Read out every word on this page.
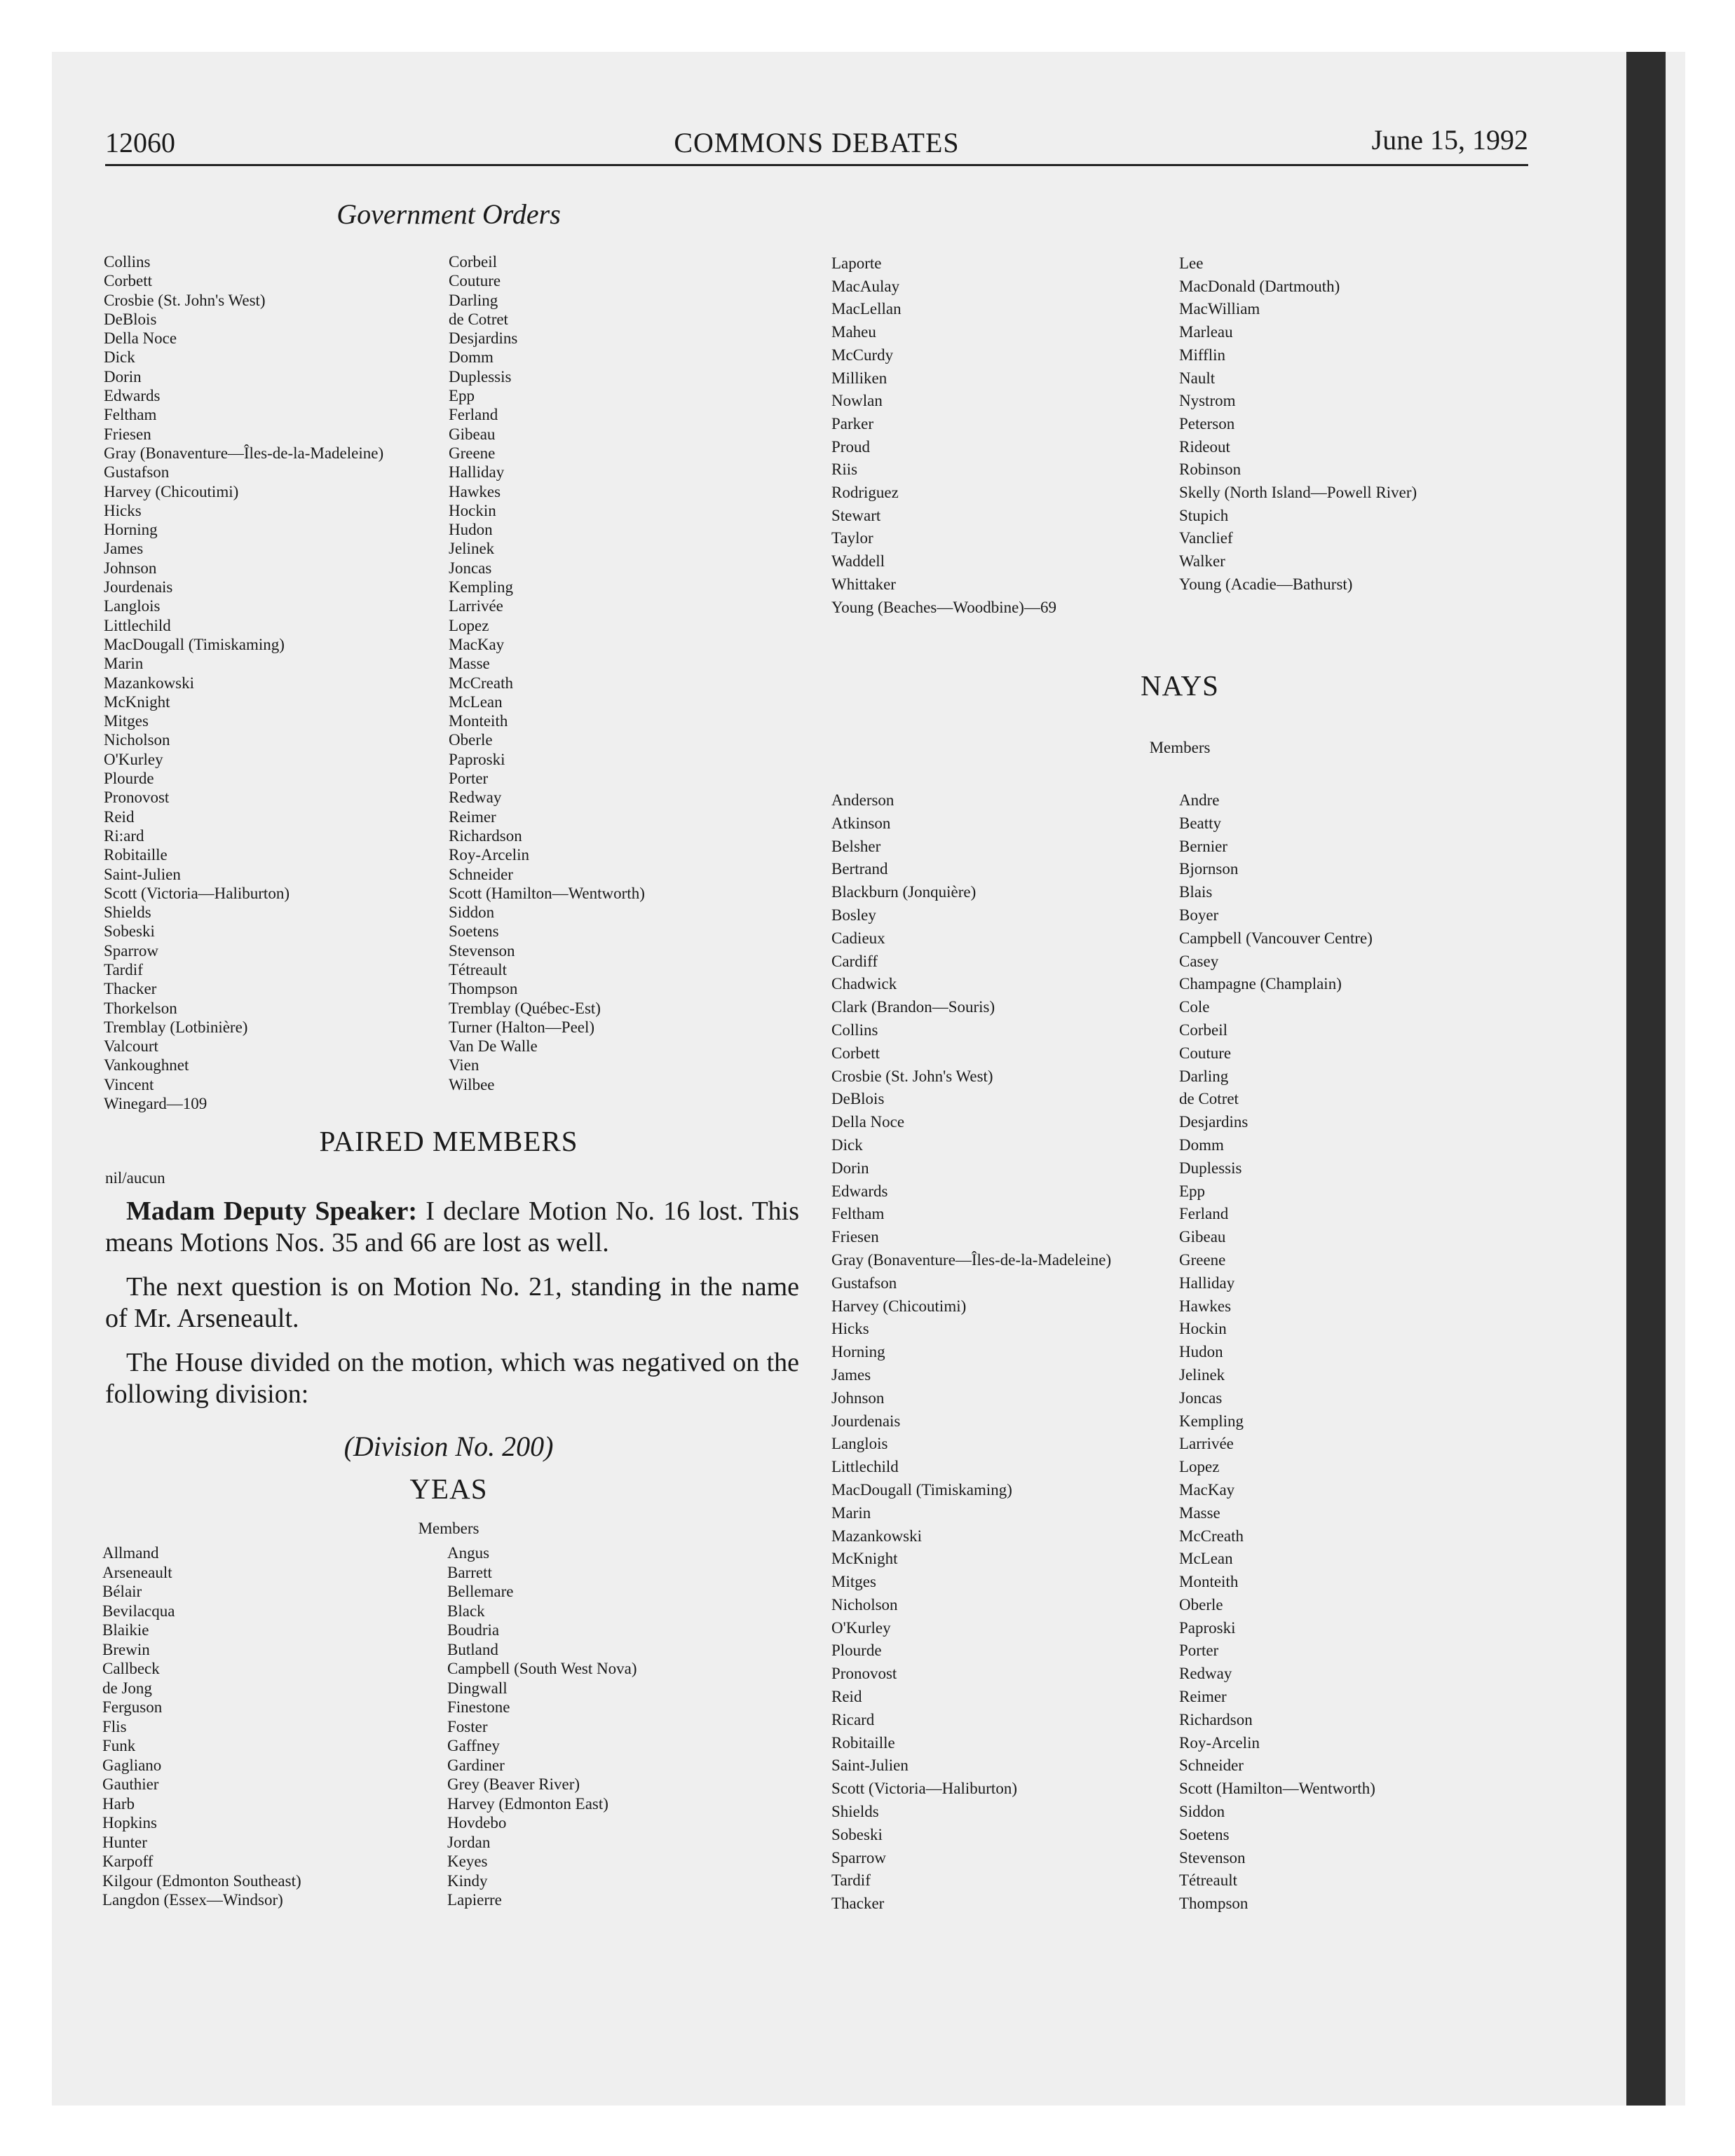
12060	COMMONS DEBATES	June 15, 1992
Government Orders
Collins
Corbett
Crosbie (St. John's West)
DeBlois
Della Noce
Dick
Dorin
Edwards
Feltham
Friesen
Gray (Bonaventure—Îles-de-la-Madeleine)
Gustafson
Harvey (Chicoutimi)
Hicks
Horning
James
Johnson
Jourdenais
Langlois
Littlechild
MacDougall (Timiskaming)
Marin
Mazankowski
McKnight
Mitges
Nicholson
O'Kurley
Plourde
Pronovost
Reid
Ri:ard
Robitaille
Saint-Julien
Scott (Victoria—Haliburton)
Shields
Sobeski
Sparrow
Tardif
Thacker
Thorkelson
Tremblay (Lotbinière)
Valcourt
Vankoughnet
Vincent
Winegard—109
Corbeil
Couture
Darling
de Cotret
Desjardins
Domm
Duplessis
Epp
Ferland
Gibeau
Greene
Halliday
Hawkes
Hockin
Hudon
Jelinek
Joncas
Kempling
Larrivée
Lopez
MacKay
Masse
McCreath
McLean
Monteith
Oberle
Paproski
Porter
Redway
Reimer
Richardson
Roy-Arcelin
Schneider
Scott (Hamilton—Wentworth)
Siddon
Soetens
Stevenson
Tétreault
Thompson
Tremblay (Québec-Est)
Turner (Halton—Peel)
Van De Walle
Vien
Wilbee
Laporte
MacAulay
MacLellan
Maheu
McCurdy
Milliken
Nowlan
Parker
Proud
Riis
Rodriguez
Stewart
Taylor
Waddell
Whittaker
Young (Beaches—Woodbine)—69
Lee
MacDonald (Dartmouth)
MacWilliam
Marleau
Mifflin
Nault
Nystrom
Peterson
Rideout
Robinson
Skelly (North Island—Powell River)
Stupich
Vanclief
Walker
Young (Acadie—Bathurst)
PAIRED MEMBERS
nil/aucun

Madam Deputy Speaker: I declare Motion No. 16 lost. This means Motions Nos. 35 and 66 are lost as well.

The next question is on Motion No. 21, standing in the name of Mr. Arseneault.

The House divided on the motion, which was negatived on the following division:

(Division No. 200)
YEAS
Members
Allmand
Arseneault
Bélair
Bevilacqua
Blaikie
Brewin
Callbeck
de Jong
Ferguson
Flis
Funk
Gagliano
Gauthier
Harb
Hopkins
Hunter
Karpoff
Kilgour (Edmonton Southeast)
Langdon (Essex—Windsor)
Angus
Barrett
Bellemare
Black
Boudria
Butland
Campbell (South West Nova)
Dingwall
Finestone
Foster
Gaffney
Gardiner
Grey (Beaver River)
Harvey (Edmonton East)
Hovdebo
Jordan
Keyes
Kindy
Lapierre
NAYS
Members
Anderson
Atkinson
Belsher
Bertrand
Blackburn (Jonquière)
Bosley
Cadieux
Cardiff
Chadwick
Clark (Brandon—Souris)
Collins
Corbett
Crosbie (St. John's West)
DeBlois
Della Noce
Dick
Dorin
Edwards
Feltham
Friesen
Gray (Bonaventure—Îles-de-la-Madeleine)
Gustafson
Harvey (Chicoutimi)
Hicks
Horning
James
Johnson
Jourdenais
Langlois
Littlechild
MacDougall (Timiskaming)
Marin
Mazankowski
McKnight
Mitges
Nicholson
O'Kurley
Plourde
Pronovost
Reid
Ricard
Robitaille
Saint-Julien
Scott (Victoria—Haliburton)
Shields
Sobeski
Sparrow
Tardif
Thacker
Andre
Beatty
Bernier
Bjornson
Blais
Boyer
Campbell (Vancouver Centre)
Casey
Champagne (Champlain)
Cole
Corbeil
Couture
Darling
de Cotret
Desjardins
Domm
Duplessis
Epp
Ferland
Gibeau
Greene
Halliday
Hawkes
Hockin
Hudon
Jelinek
Joncas
Kempling
Larrivée
Lopez
MacKay
Masse
McCreath
McLean
Monteith
Oberle
Paproski
Porter
Redway
Reimer
Richardson
Roy-Arcelin
Schneider
Scott (Hamilton—Wentworth)
Siddon
Soetens
Stevenson
Tétreault
Thompson
